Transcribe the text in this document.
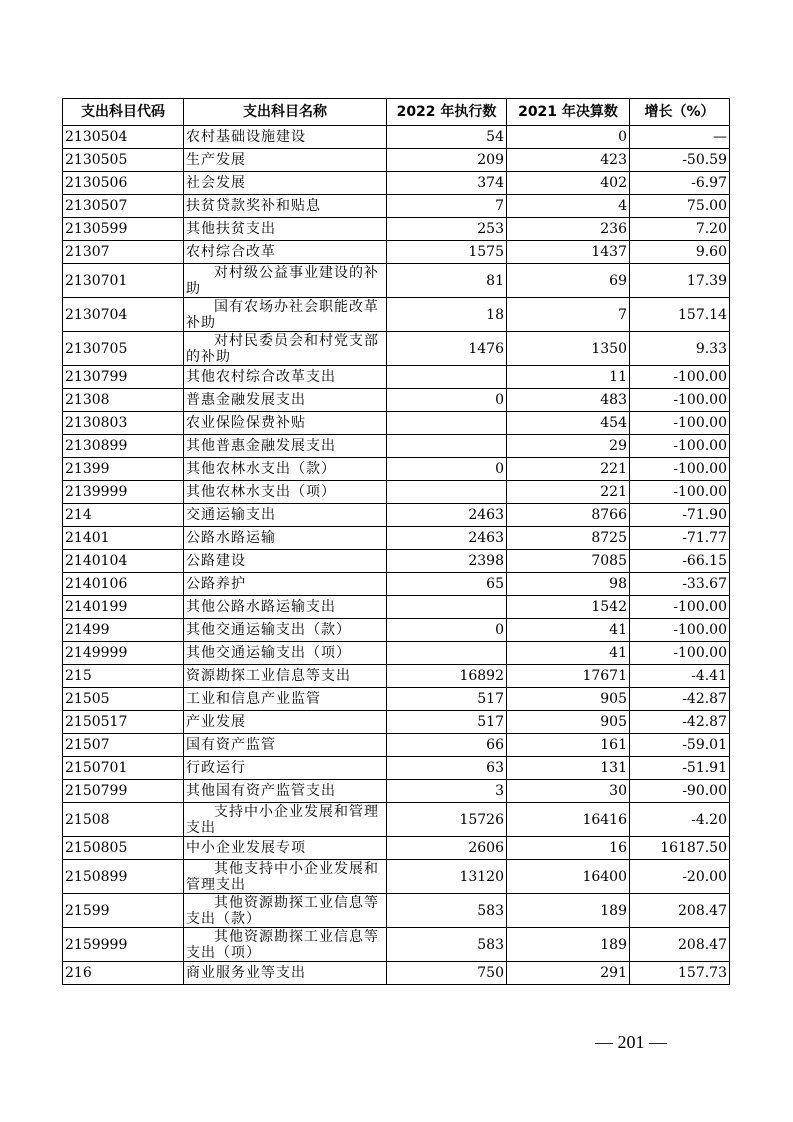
支出科目代码	支出科目名称	2022 年执行数	2021 年决算数	增长（%）
2130504	农村基础设施建设	54	0	—
2130505	生产发展	209	423	-50.59
2130506	社会发展	374	402	-6.97
2130507	扶贫贷款奖补和贴息	7	4	75.00
2130599	其他扶贫支出	253	236	7.20
21307	农村综合改革	1575	1437	9.60
2130701	对村级公益事业建设的补助	81	69	17.39
2130704	国有农场办社会职能改革补助	18	7	157.14
2130705	对村民委员会和村党支部的补助	1476	1350	9.33
2130799	其他农村综合改革支出		11	-100.00
21308	普惠金融发展支出	0	483	-100.00
2130803	农业保险保费补贴		454	-100.00
2130899	其他普惠金融发展支出		29	-100.00
21399	其他农林水支出（款）	0	221	-100.00
2139999	其他农林水支出（项）		221	-100.00
214	交通运输支出	2463	8766	-71.90
21401	公路水路运输	2463	8725	-71.77
2140104	公路建设	2398	7085	-66.15
2140106	公路养护	65	98	-33.67
2140199	其他公路水路运输支出		1542	-100.00
21499	其他交通运输支出（款）	0	41	-100.00
2149999	其他交通运输支出（项）		41	-100.00
215	资源勘探工业信息等支出	16892	17671	-4.41
21505	工业和信息产业监管	517	905	-42.87
2150517	产业发展	517	905	-42.87
21507	国有资产监管	66	161	-59.01
2150701	行政运行	63	131	-51.91
2150799	其他国有资产监管支出	3	30	-90.00
21508	支持中小企业发展和管理支出	15726	16416	-4.20
2150805	中小企业发展专项	2606	16	16187.50
2150899	其他支持中小企业发展和管理支出	13120	16400	-20.00
21599	其他资源勘探工业信息等支出（款）	583	189	208.47
2159999	其他资源勘探工业信息等支出（项）	583	189	208.47
216	商业服务业等支出	750	291	157.73
— 201 —
